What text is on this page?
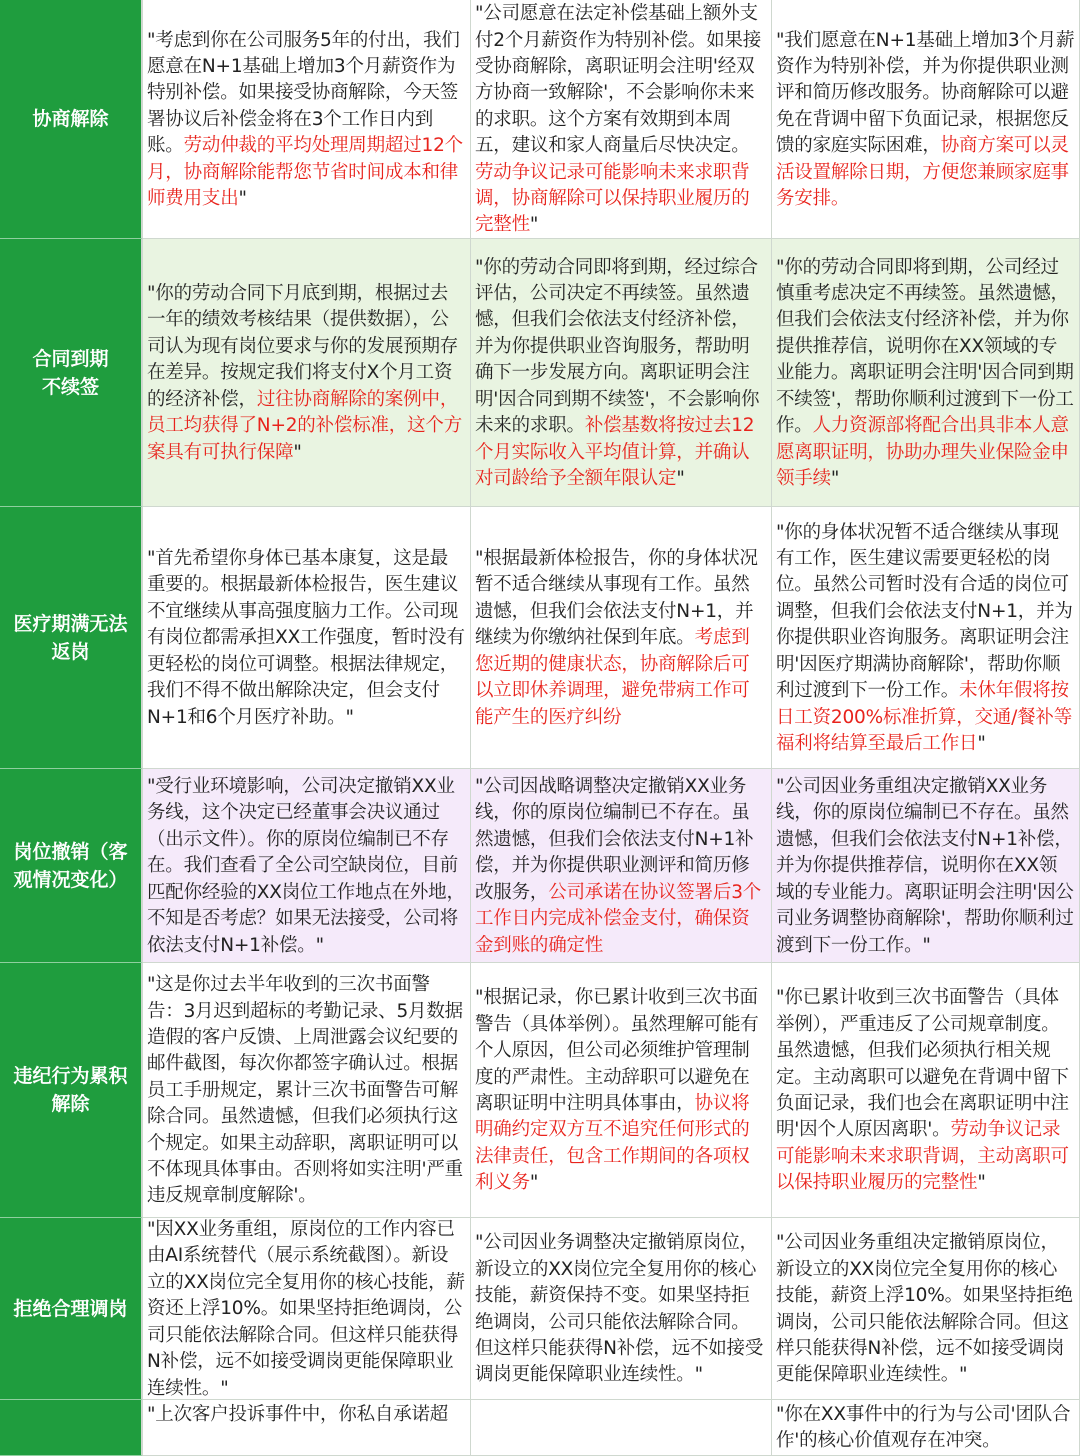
协商解除

"考虑到你在公司服务5年的付出，我们愿意在N+1基础上增加3个月薪资作为特别补偿。如果接受协商解除，今天签署协议后补偿金将在3个工作日内到账。劳动仲裁的平均处理周期超过12个月，协商解除能帮您节省时间成本和律师费用支出"

"公司愿意在法定补偿基础上额外支付2个月薪资作为特别补偿。如果接受协商解除，离职证明会注明'经双方协商一致解除'，不会影响你未来的求职。这个方案有效期到本周五，建议和家人商量后尽快决定。劳动争议记录可能影响未来求职背调，协商解除可以保持职业履历的完整性"

"我们愿意在N+1基础上增加3个月薪资作为特别补偿，并为你提供职业测评和简历修改服务。协商解除可以避免在背调中留下负面记录，根据您反馈的家庭实际困难，协商方案可以灵活设置解除日期，方便您兼顾家庭事务安排。

合同到期
不续签

"你的劳动合同下月底到期，根据过去一年的绩效考核结果（提供数据），公司认为现有岗位要求与你的发展预期存在差异。按规定我们将支付X个月工资的经济补偿，过往协商解除的案例中，员工均获得了N+2的补偿标准，这个方案具有可执行保障"

"你的劳动合同即将到期，经过综合评估，公司决定不再续签。虽然遗憾，但我们会依法支付经济补偿，并为你提供职业咨询服务，帮助明确下一步发展方向。离职证明会注明'因合同到期不续签'，不会影响你未来的求职。补偿基数将按过去12个月实际收入平均值计算，并确认对司龄给予全额年限认定"

"你的劳动合同即将到期，公司经过慎重考虑决定不再续签。虽然遗憾，但我们会依法支付经济补偿，并为你提供推荐信，说明你在XX领域的专业能力。离职证明会注明'因合同到期不续签'，帮助你顺利过渡到下一份工作。人力资源部将配合出具非本人意愿离职证明，协助办理失业保险金申领手续"

医疗期满无法
返岗

"首先希望你身体已基本康复，这是最重要的。根据最新体检报告，医生建议不宜继续从事高强度脑力工作。公司现有岗位都需承担XX工作强度，暂时没有更轻松的岗位可调整。根据法律规定，我们不得不做出解除决定，但会支付N+1和6个月医疗补助。"

"根据最新体检报告，你的身体状况暂不适合继续从事现有工作。虽然遗憾，但我们会依法支付N+1，并继续为你缴纳社保到年底。考虑到您近期的健康状态，协商解除后可以立即休养调理，避免带病工作可能产生的医疗纠纷

"你的身体状况暂不适合继续从事现有工作，医生建议需要更轻松的岗位。虽然公司暂时没有合适的岗位可调整，但我们会依法支付N+1，并为你提供职业咨询服务。离职证明会注明'因医疗期满协商解除'，帮助你顺利过渡到下一份工作。未休年假将按日工资200%标准折算，交通/餐补等福利将结算至最后工作日"

岗位撤销（客
观情况变化）

"受行业环境影响，公司决定撤销XX业务线，这个决定已经董事会决议通过（出示文件）。你的原岗位编制已不存在。我们查看了全公司空缺岗位，目前匹配你经验的XX岗位工作地点在外地，不知是否考虑？如果无法接受，公司将依法支付N+1补偿。"

"公司因战略调整决定撤销XX业务线，你的原岗位编制已不存在。虽然遗憾，但我们会依法支付N+1补偿，并为你提供职业测评和简历修改服务，公司承诺在协议签署后3个工作日内完成补偿金支付，确保资金到账的确定性

"公司因业务重组决定撤销XX业务线，你的原岗位编制已不存在。虽然遗憾，但我们会依法支付N+1补偿，并为你提供推荐信，说明你在XX领域的专业能力。离职证明会注明'因公司业务调整协商解除'，帮助你顺利过渡到下一份工作。"

违纪行为累积
解除

"这是你过去半年收到的三次书面警告：3月迟到超标的考勤记录、5月数据造假的客户反馈、上周泄露会议纪要的邮件截图，每次你都签字确认过。根据员工手册规定，累计三次书面警告可解除合同。虽然遗憾，但我们必须执行这个规定。如果主动辞职，离职证明可以不体现具体事由。否则将如实注明'严重违反规章制度解除'。

"根据记录，你已累计收到三次书面警告（具体举例）。虽然理解可能有个人原因，但公司必须维护管理制度的严肃性。主动辞职可以避免在离职证明中注明具体事由，协议将明确约定双方互不追究任何形式的法律责任，包含工作期间的各项权利义务"

"你已累计收到三次书面警告（具体举例），严重违反了公司规章制度。虽然遗憾，但我们必须执行相关规定。主动离职可以避免在背调中留下负面记录，我们也会在离职证明中注明'因个人原因离职'。劳动争议记录可能影响未来求职背调，主动离职可以保持职业履历的完整性"

拒绝合理调岗

"因XX业务重组，原岗位的工作内容已由AI系统替代（展示系统截图）。新设立的XX岗位完全复用你的核心技能，薪资还上浮10%。如果坚持拒绝调岗，公司只能依法解除合同。但这样只能获得N补偿，远不如接受调岗更能保障职业连续性。"

"公司因业务调整决定撤销原岗位，新设立的XX岗位完全复用你的核心技能，薪资保持不变。如果坚持拒绝调岗，公司只能依法解除合同。但这样只能获得N补偿，远不如接受调岗更能保障职业连续性。"

"公司因业务重组决定撤销原岗位，新设立的XX岗位完全复用你的核心技能，薪资上浮10%。如果坚持拒绝调岗，公司只能依法解除合同。但这样只能获得N补偿，远不如接受调岗更能保障职业连续性。"

"上次客户投诉事件中，你私自承诺超	"你在XX事件中的行为与公司'团队合作'的核心价值观存在冲突。
